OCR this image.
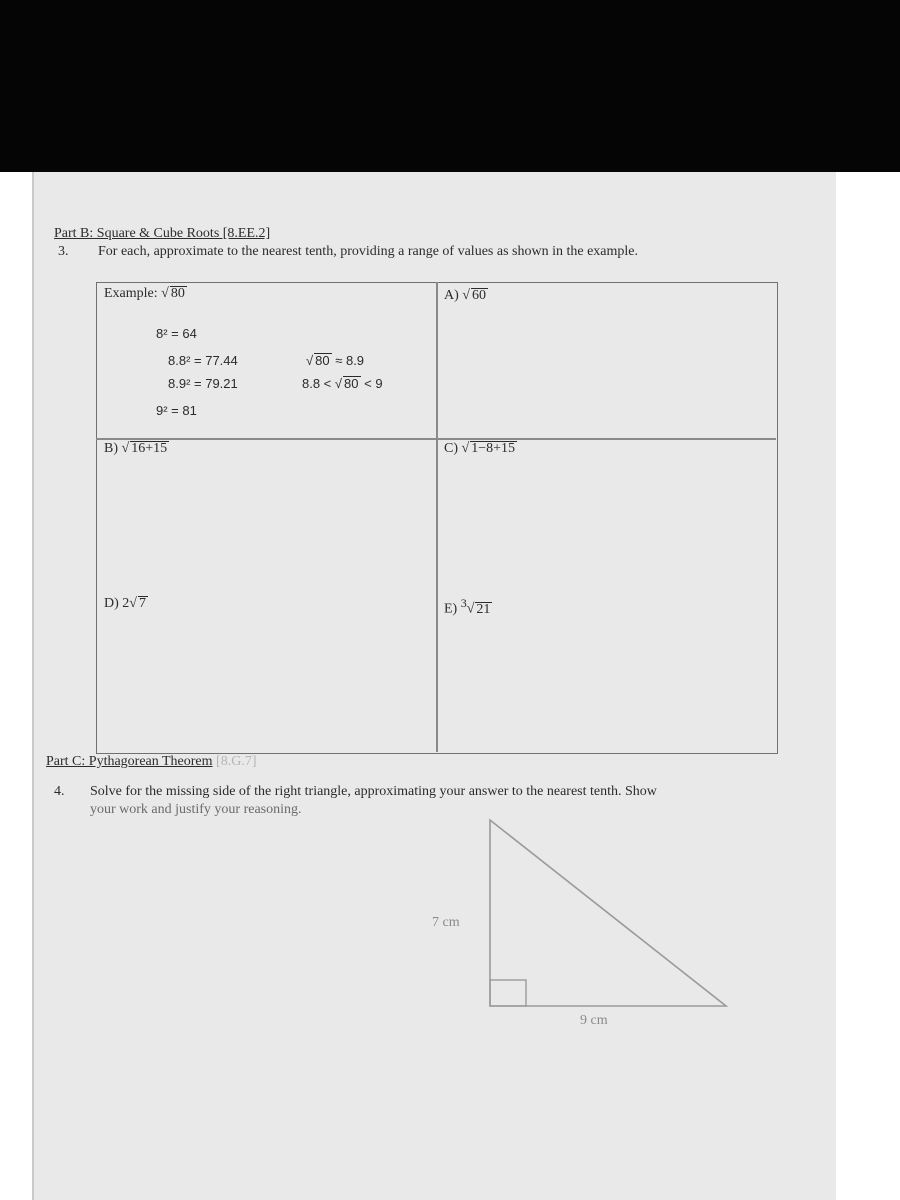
Part B: Square & Cube Roots [8.EE.2]
3. For each, approximate to the nearest tenth, providing a range of values as shown in the example.
Example: √ 80
8² = 64
8.8² = 77.44
8.9² = 79.21
9² = 81
√ 80 ≈ 8.9
8.8 < √ 80 < 9
A) √ 60
B) √ 16+15	C) √ 1−8+15
D) 2√ 7	E) $^3$√ 21
Part C: Pythagorean Theorem [8.G.7]
4. Solve for the missing side of the right triangle, approximating your answer to the nearest tenth. Show
your work and justify your reasoning.
7 cm
9 cm
